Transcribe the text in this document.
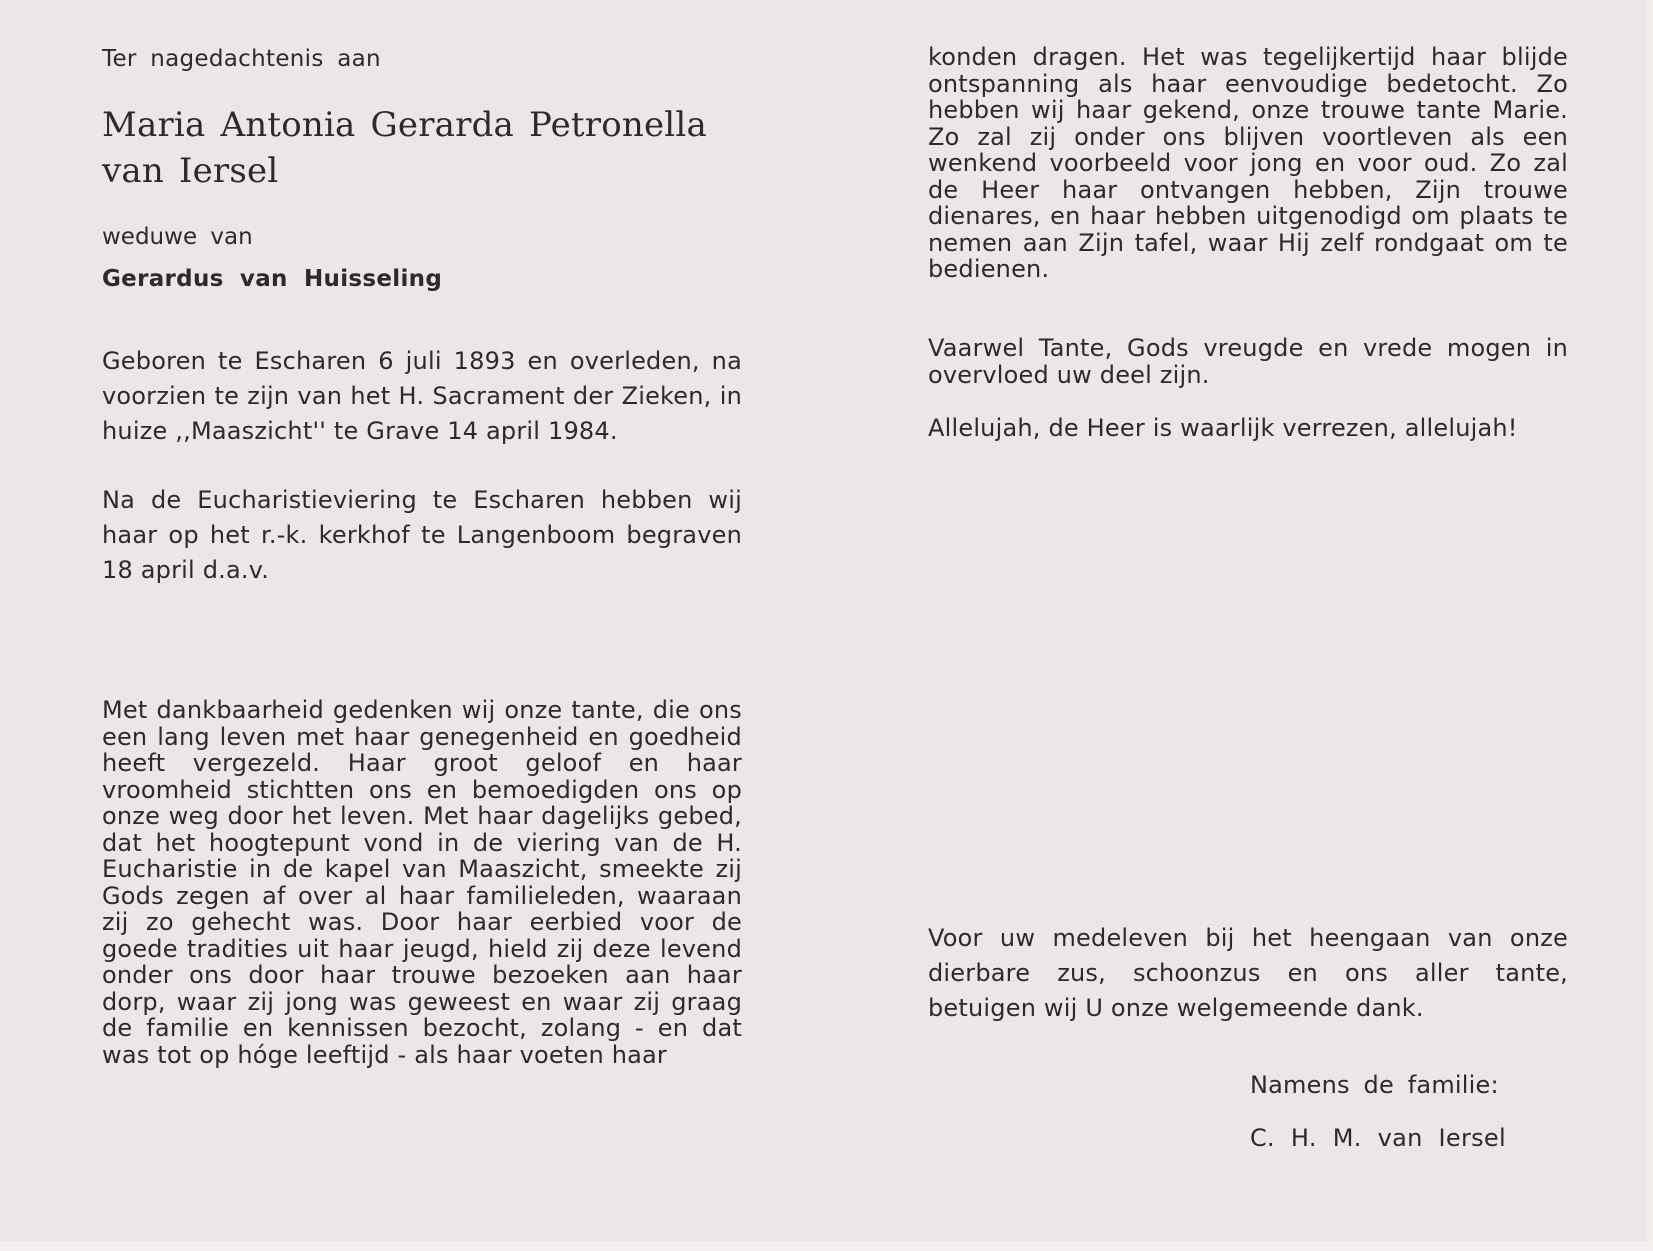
Ter nagedachtenis aan

Maria Antonia Gerarda Petronella
van Iersel

weduwe van

Gerardus van Huisseling

Geboren te Escharen 6 juli 1893 en overleden, na voorzien te zijn van het H. Sacrament der Zieken, in huize ,,Maaszicht'' te Grave 14 april 1984.

Na de Eucharistieviering te Escharen hebben wij haar op het r.-k. kerkhof te Langenboom begraven 18 april d.a.v.

Met dankbaarheid gedenken wij onze tante, die ons een lang leven met haar genegenheid en goedheid heeft vergezeld. Haar groot geloof en haar vroomheid stichtten ons en bemoedigden ons op onze weg door het leven. Met haar dagelijks gebed, dat het hoogtepunt vond in de viering van de H. Eucharistie in de kapel van Maaszicht, smeekte zij Gods zegen af over al haar familieleden, waaraan zij zo gehecht was. Door haar eerbied voor de goede tradities uit haar jeugd, hield zij deze levend onder ons door haar trouwe bezoeken aan haar dorp, waar zij jong was geweest en waar zij graag de familie en kennissen bezocht, zolang - en dat was tot op hóge leeftijd - als haar voeten haar

konden dragen. Het was tegelijkertijd haar blijde ontspanning als haar eenvoudige bedetocht. Zo hebben wij haar gekend, onze trouwe tante Marie. Zo zal zij onder ons blijven voortleven als een wenkend voorbeeld voor jong en voor oud. Zo zal de Heer haar ontvangen hebben, Zijn trouwe dienares, en haar hebben uitgenodigd om plaats te nemen aan Zijn tafel, waar Hij zelf rondgaat om te bedienen.

Vaarwel Tante, Gods vreugde en vrede mogen in overvloed uw deel zijn.

Allelujah, de Heer is waarlijk verrezen, allelujah!

Voor uw medeleven bij het heengaan van onze dierbare zus, schoonzus en ons aller tante, betuigen wij U onze welgemeende dank.

Namens de familie:

C. H. M. van Iersel
